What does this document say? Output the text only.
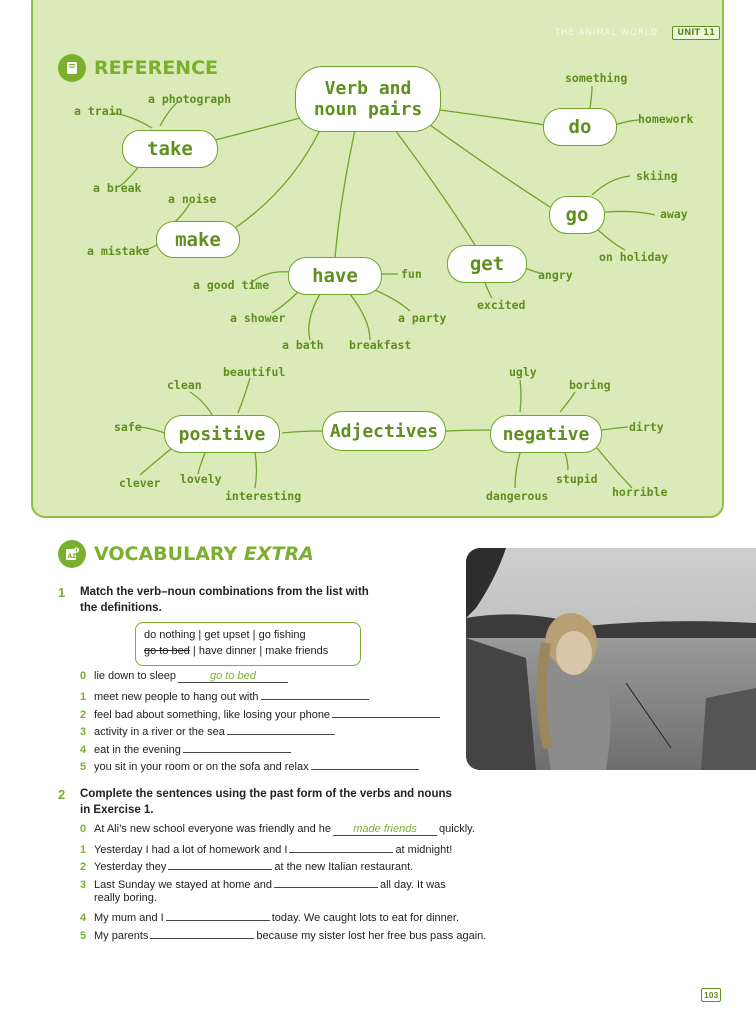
THE ANIMAL WORLD	UNIT 11
REFERENCE
Verb and
noun pairs
take
make
have
get
do
go
a train
a photograph
a break
a noise
a mistake
a good time
fun
a shower	a party
a bath breakfast
angry
excited
something
homework
skiing
away
on holiday
positive	Adjectives	negative
beautiful
clean
safe
clever lovely
interesting
ugly
boring
dirty
horrible
stupid
dangerous
AZ VOCABULARY EXTRA
1 Match the verb–noun combinations from the list with
the definitions.
do nothing | get upset | go fishing
go to bed | have dinner | make friends
0 lie down to sleep	go to bed
1 meet new people to hang out with
2 feel bad about something, like losing your phone
3 activity in a river or the sea
4 eat in the evening
5 you sit in your room or on the sofa and relax
2 Complete the sentences using the past form of the verbs and nouns
in Exercise 1.
0 At Ali’s new school everyone was friendly and he	made friends	quickly.
1 Yesterday I had a lot of homework and I	at midnight!
2 Yesterday they	at the new Italian restaurant.
3 Last Sunday we stayed at home and	all day. It was
really boring.
4 My mum and I	today. We caught lots to eat for dinner.
5 My parents	because my sister lost her free bus pass again.
103
